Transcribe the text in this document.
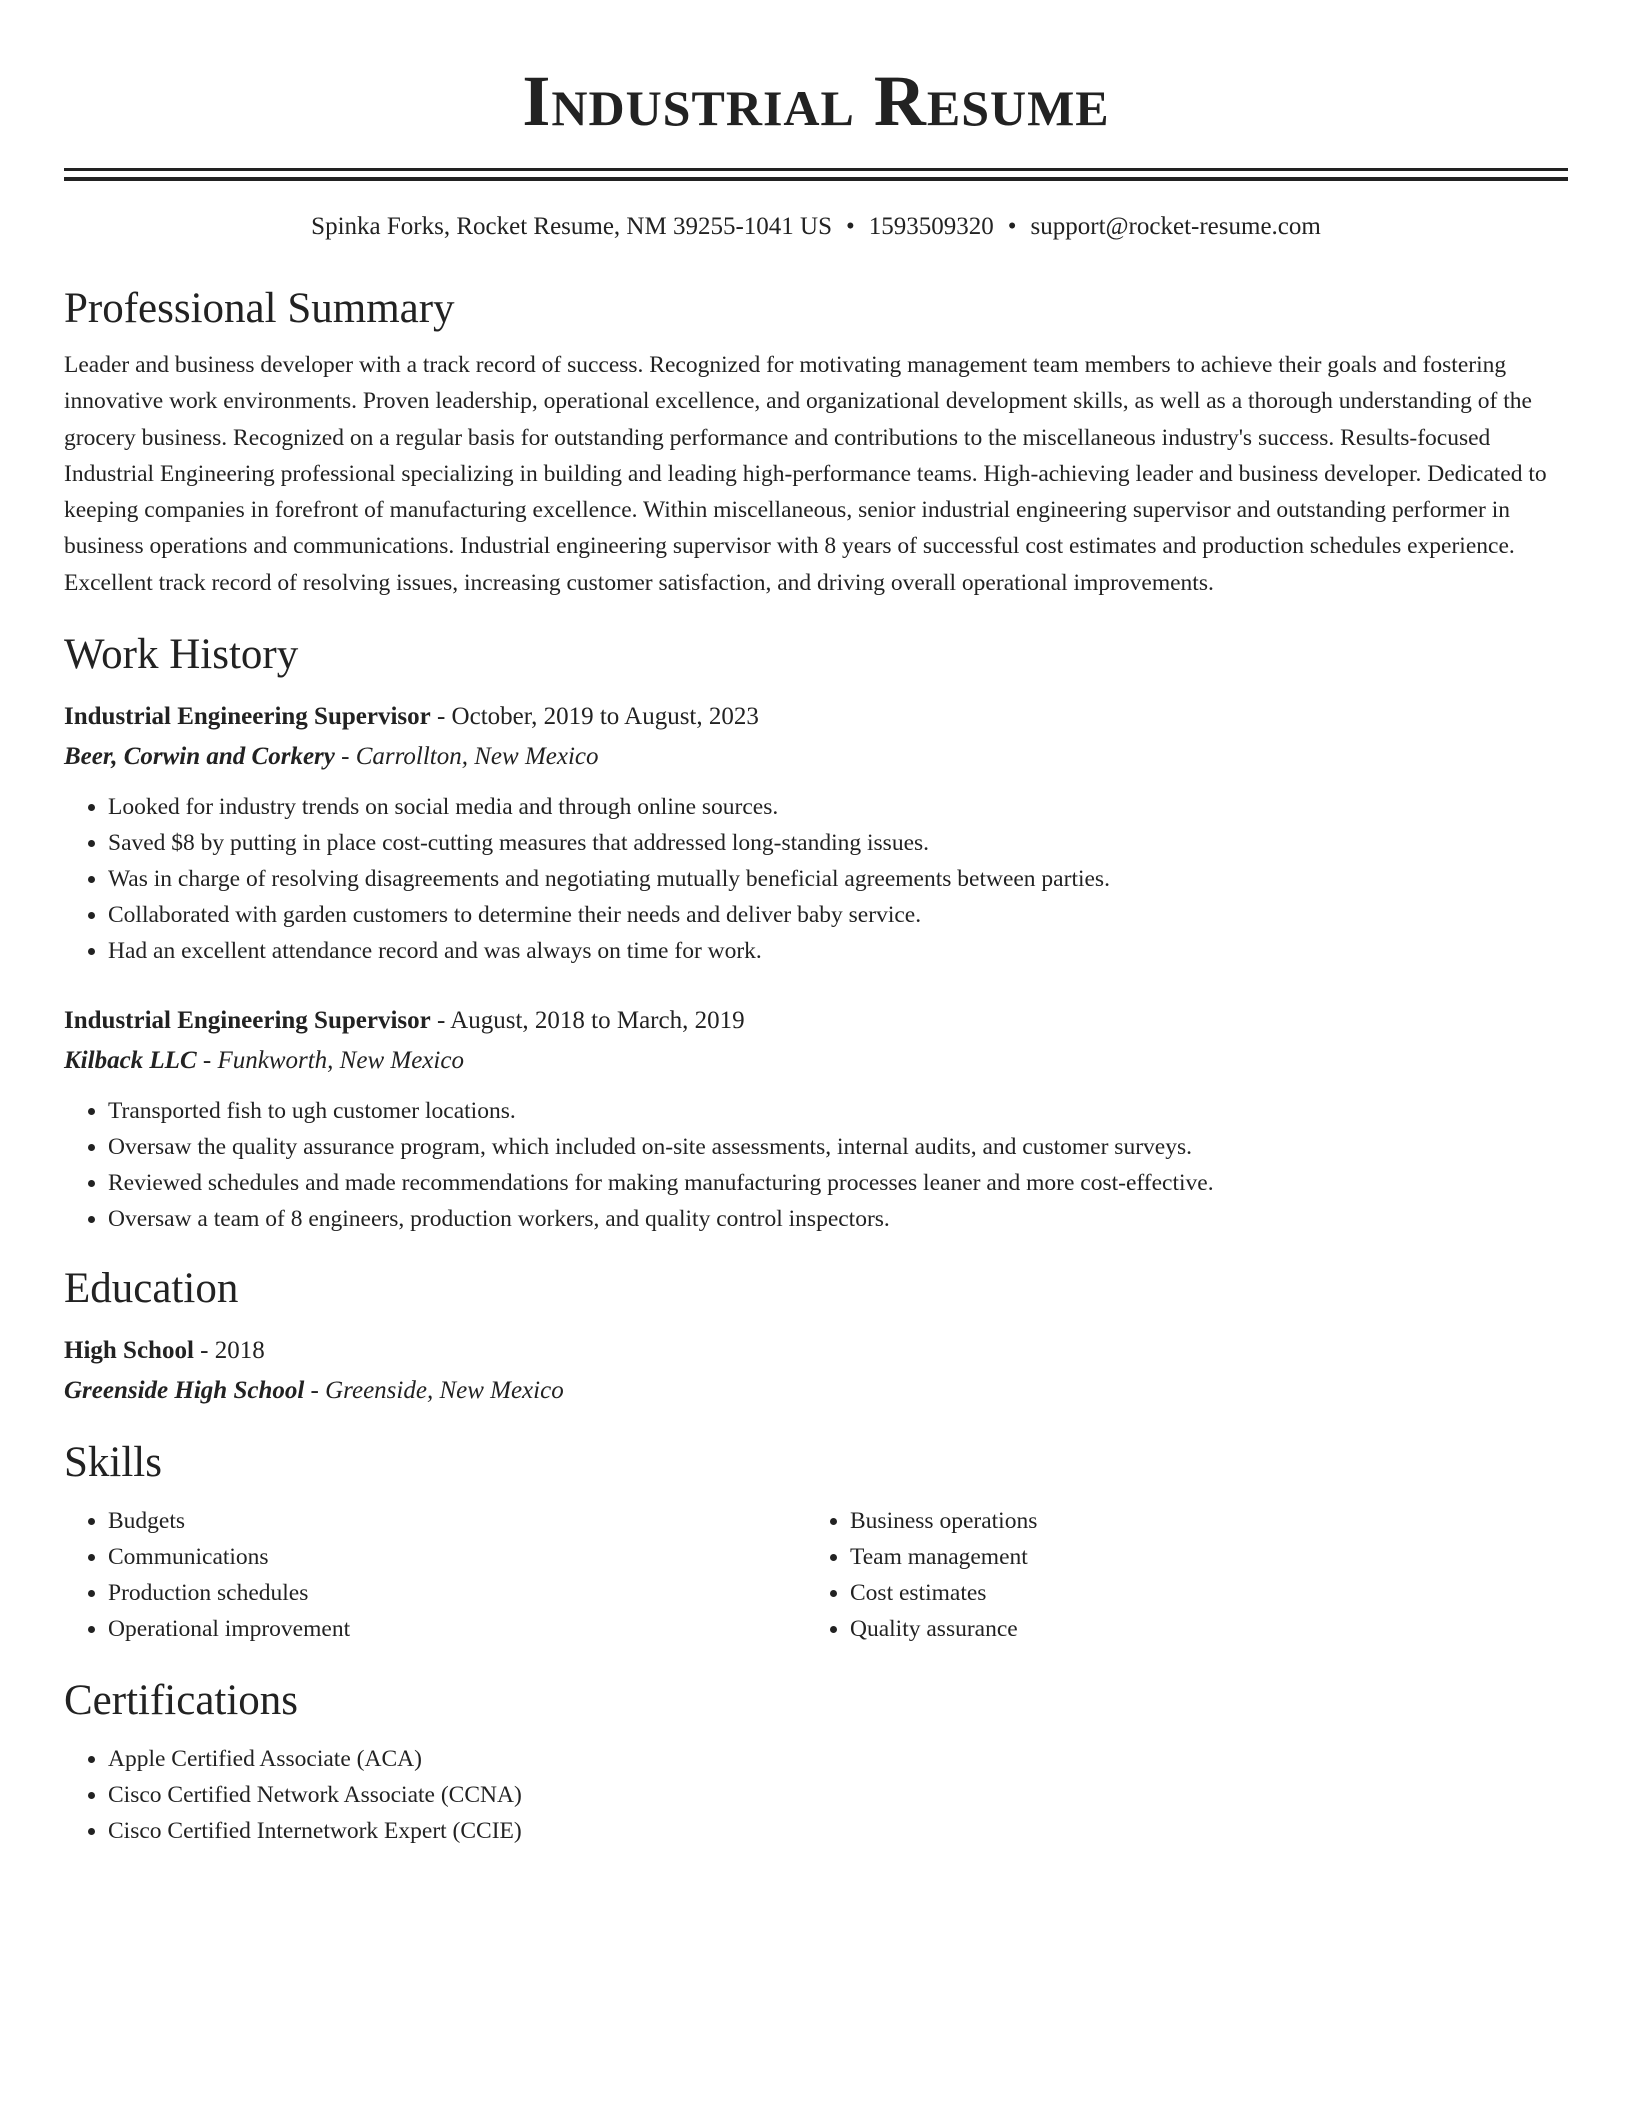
Industrial Resume
Spinka Forks, Rocket Resume, NM 39255-1041 US • 1593509320 • support@rocket-resume.com
Professional Summary

Leader and business developer with a track record of success. Recognized for motivating management team members to achieve their goals and fostering innovative work environments. Proven leadership, operational excellence, and organizational development skills, as well as a thorough understanding of the grocery business. Recognized on a regular basis for outstanding performance and contributions to the miscellaneous industry's success. Results-focused Industrial Engineering professional specializing in building and leading high-performance teams. High-achieving leader and business developer. Dedicated to keeping companies in forefront of manufacturing excellence. Within miscellaneous, senior industrial engineering supervisor and outstanding performer in business operations and communications. Industrial engineering supervisor with 8 years of successful cost estimates and production schedules experience. Excellent track record of resolving issues, increasing customer satisfaction, and driving overall operational improvements.

Work History
Industrial Engineering Supervisor - October, 2019 to August, 2023
Beer, Corwin and Corkery - Carrollton, New Mexico
• Looked for industry trends on social media and through online sources.
• Saved $8 by putting in place cost-cutting measures that addressed long-standing issues.
• Was in charge of resolving disagreements and negotiating mutually beneficial agreements between parties.
• Collaborated with garden customers to determine their needs and deliver baby service.
• Had an excellent attendance record and was always on time for work.
Industrial Engineering Supervisor - August, 2018 to March, 2019
Kilback LLC - Funkworth, New Mexico
• Transported fish to ugh customer locations.
• Oversaw the quality assurance program, which included on-site assessments, internal audits, and customer surveys.
• Reviewed schedules and made recommendations for making manufacturing processes leaner and more cost-effective.
• Oversaw a team of 8 engineers, production workers, and quality control inspectors.
Education
High School - 2018
Greenside High School - Greenside, New Mexico
Skills
• Budgets
• Communications
• Production schedules
• Operational improvement
• Business operations
• Team management
• Cost estimates
• Quality assurance
Certifications
• Apple Certified Associate (ACA)
• Cisco Certified Network Associate (CCNA)
• Cisco Certified Internetwork Expert (CCIE)
